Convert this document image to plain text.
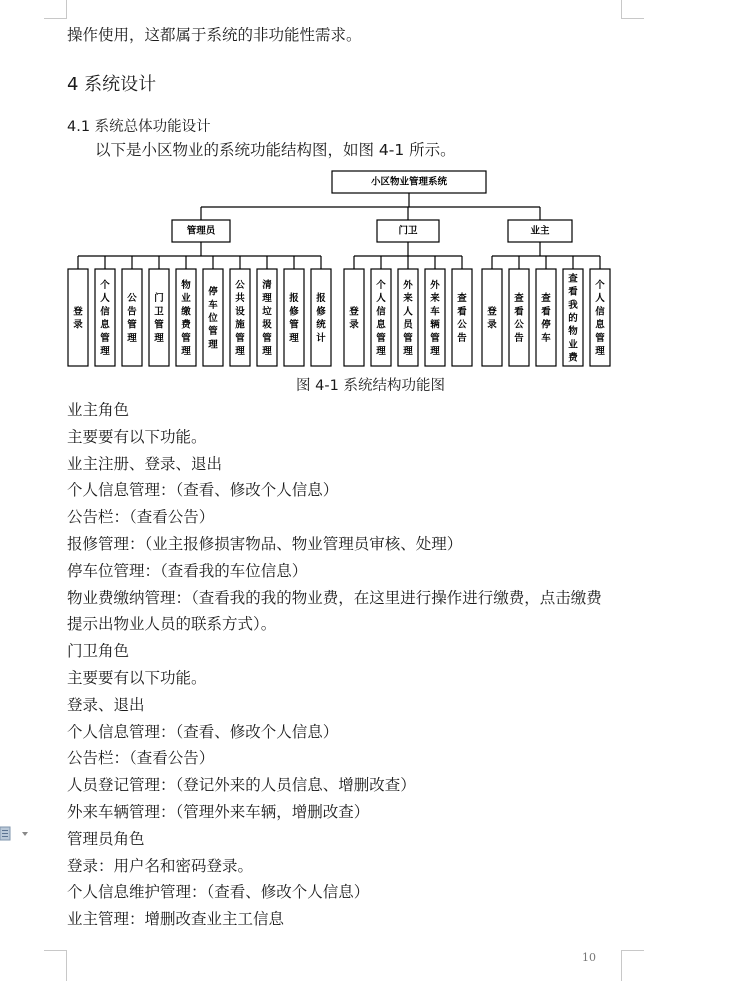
操作使用，这都属于系统的非功能性需求。
4 系统设计
4.1 系统总体功能设计
以下是小区物业的系统功能结构图，如图 4-1 所示。
小区物业管理系统
管理员
登录
个人信息管理
公告管理
门卫管理
物业缴费管理
停车位管理
公共设施管理
清理垃圾管理
报修管理
报修统计
门卫
登录
个人信息管理
外来人员管理
外来车辆管理
查看公告
业主
登录
查看公告
查看停车
查看我的物业费
个人信息管理
图 4-1 系统结构功能图
业主角色
主要要有以下功能。
业主注册、登录、退出
个人信息管理：（查看、修改个人信息）
公告栏：（查看公告）
报修管理：（业主报修损害物品、物业管理员审核、处理）
停车位管理：（查看我的车位信息）
物业费缴纳管理：（查看我的我的物业费，在这里进行操作进行缴费，点击缴费
提示出物业人员的联系方式）。
门卫角色
主要要有以下功能。
登录、退出
个人信息管理：（查看、修改个人信息）
公告栏：（查看公告）
人员登记管理：（登记外来的人员信息、增删改查）
外来车辆管理：（管理外来车辆，增删改查）
管理员角色
登录：用户名和密码登录。
个人信息维护管理：（查看、修改个人信息）
业主管理：增删改查业主工信息
10
